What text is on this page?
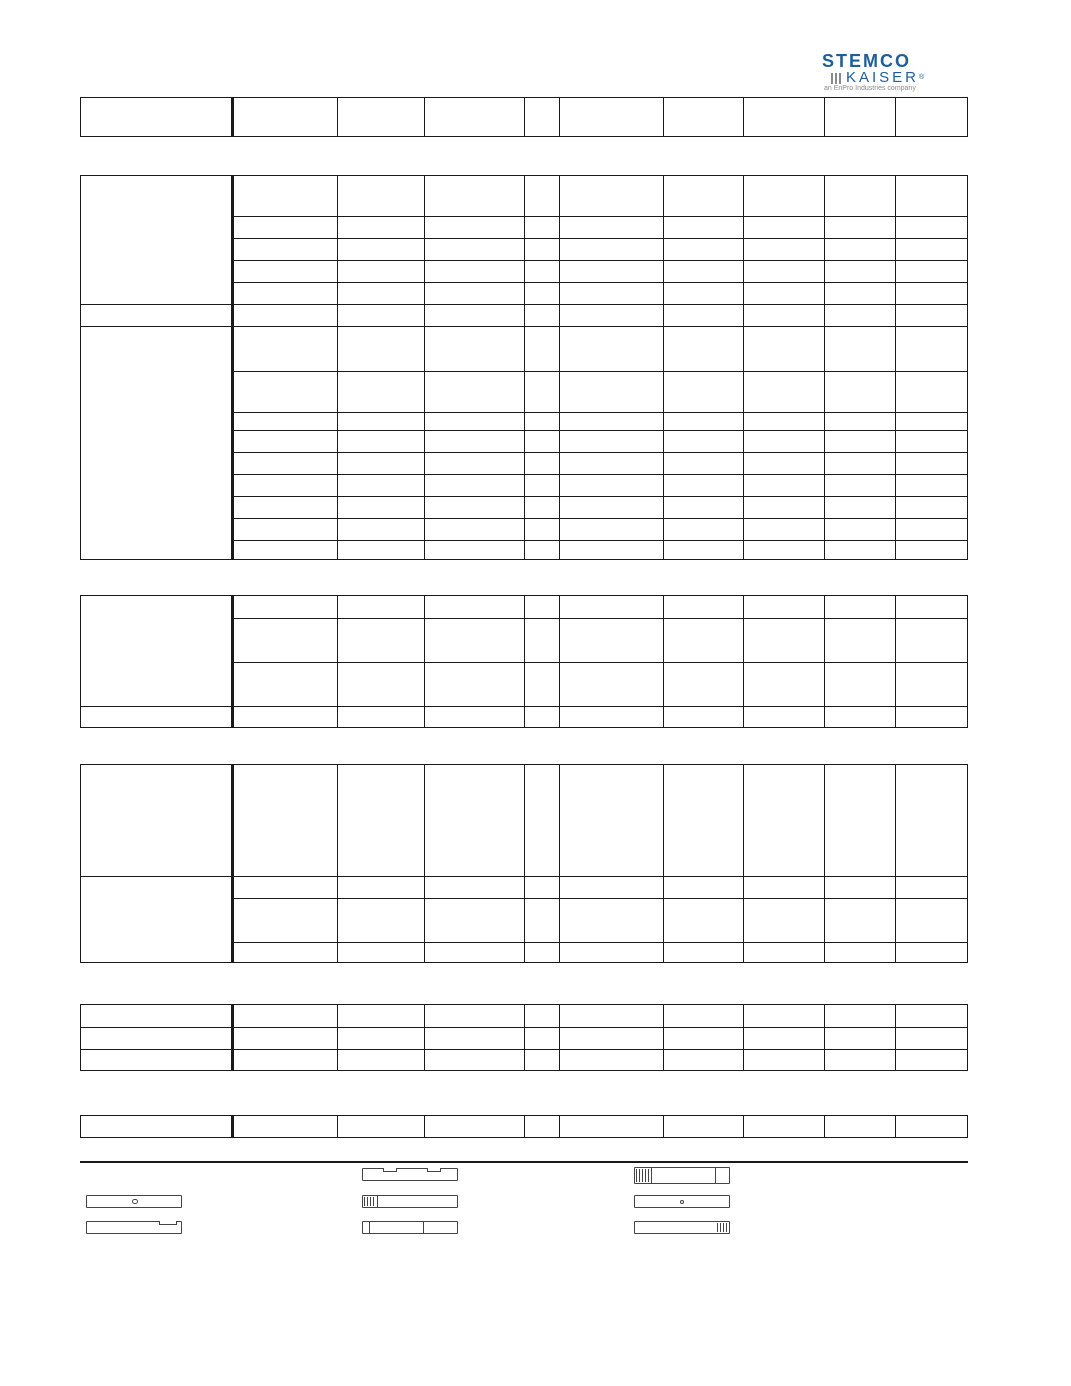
STEMCO
KAISER®
an EnPro Industries company
